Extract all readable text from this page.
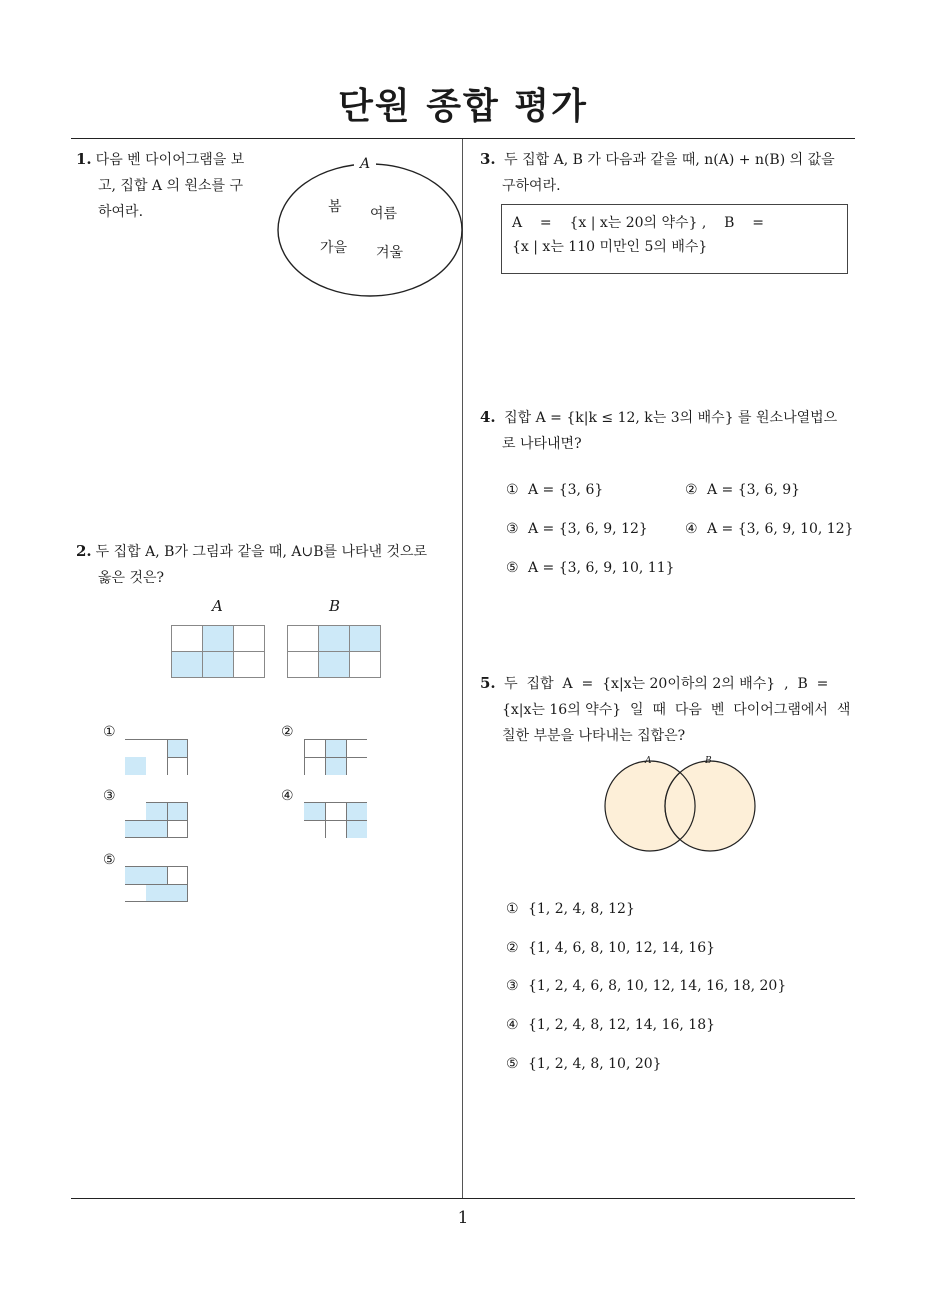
단원 종합 평가
1
1. 다음 벤 다이어그램을 보
고, 집합 A 의 원소를 구
하여라.
A
봄 여름
가을 겨울
2. 두 집합 A, B가 그림과 같을 때, A∪B를 나타낸 것으로
옳은 것은?
A	B
①	②
③	④
⑤
3. 두 집합 A, B 가 다음과 같을 때, n(A) + n(B) 의 값을
구하여라.
A    =    {x | x는 20의 약수} ,    B    =
{x | x는 110 미만인 5의 배수}
4. 집합 A = {k|k ≤ 12, k는 3의 배수} 를 원소나열법으
로 나타내면?
① A = {3, 6}	② A = {3, 6, 9}
③ A = {3, 6, 9, 12}	④ A = {3, 6, 9, 10, 12}
⑤ A = {3, 6, 9, 10, 11}
5. 두  집합  A  =  {x|x는 20이하의 2의 배수}  ,  B  =
{x|x는 16의 약수}  일  때  다음  벤  다이어그램에서  색
칠한 부분을 나타내는 집합은?
A	B
① {1, 2, 4, 8, 12}
② {1, 4, 6, 8, 10, 12, 14, 16}
③ {1, 2, 4, 6, 8, 10, 12, 14, 16, 18, 20}
④ {1, 2, 4, 8, 12, 14, 16, 18}
⑤ {1, 2, 4, 8, 10, 20}
